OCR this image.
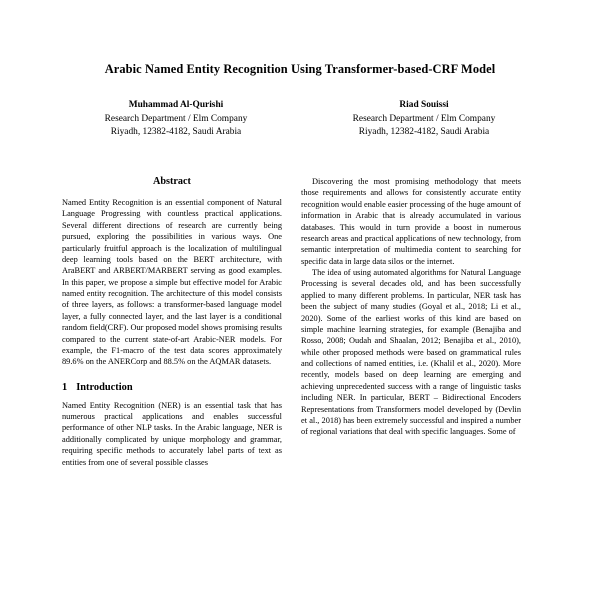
Arabic Named Entity Recognition Using Transformer-based-CRF Model
Muhammad Al-Qurishi
Research Department / Elm Company
Riyadh, 12382-4182, Saudi Arabia
Riad Souissi
Research Department / Elm Company
Riyadh, 12382-4182, Saudi Arabia
Abstract

Named Entity Recognition is an essential component of Natural Language Progressing with countless practical applications. Several different directions of research are currently being pursued, exploring the possibilities in various ways. One particularly fruitful approach is the localization of multilingual deep learning tools based on the BERT architecture, with AraBERT and ARBERT/MARBERT serving as good examples. In this paper, we propose a simple but effective model for Arabic named entity recognition. The architecture of this model consists of three layers, as follows: a transformer-based language model layer, a fully connected layer, and the last layer is a conditional random field(CRF). Our proposed model shows promising results compared to the current state-of-art Arabic-NER models. For example, the F1-macro of the test data scores approximately 89.6% on the ANERCorp and 88.5% on the AQMAR datasets.

1 Introduction

Named Entity Recognition (NER) is an essential task that has numerous practical applications and enables successful performance of other NLP tasks. In the Arabic language, NER is additionally complicated by unique morphology and grammar, requiring specific methods to accurately label parts of text as entities from one of several possible classes

Discovering the most promising methodology that meets those requirements and allows for consistently accurate entity recognition would enable easier processing of the huge amount of information in Arabic that is already accumulated in various databases. This would in turn provide a boost in numerous research areas and practical applications of new technology, from semantic interpretation of multimedia content to searching for specific data in large data silos or the internet.

The idea of using automated algorithms for Natural Language Processing is several decades old, and has been successfully applied to many different problems. In particular, NER task has been the subject of many studies (Goyal et al., 2018; Li et al., 2020). Some of the earliest works of this kind are based on simple machine learning strategies, for example (Benajiba and Rosso, 2008; Oudah and Shaalan, 2012; Benajiba et al., 2010), while other proposed methods were based on grammatical rules and collections of named entities, i.e. (Khalil et al., 2020). More recently, models based on deep learning are emerging and achieving unprecedented success with a range of linguistic tasks including NER. In particular, BERT – Bidirectional Encoders Representations from Transformers model developed by (Devlin et al., 2018) has been extremely successful and inspired a number of regional variations that deal with specific languages. Some of
